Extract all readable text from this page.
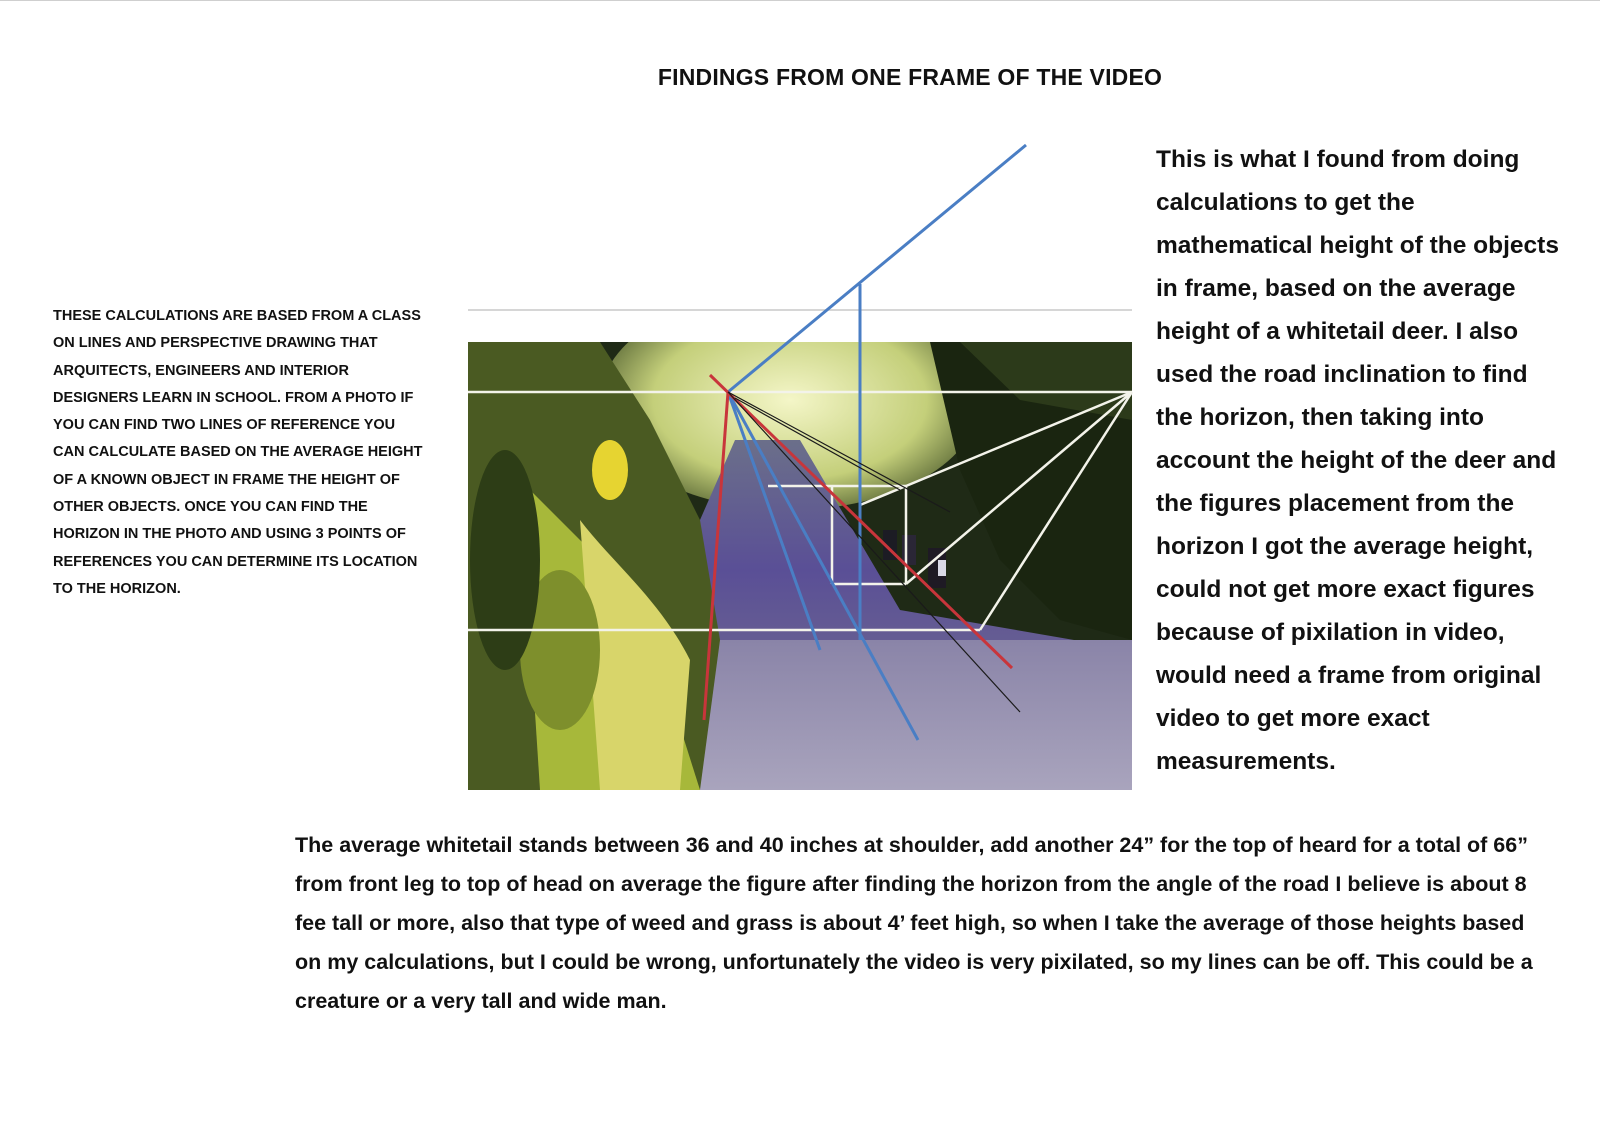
FINDINGS FROM ONE FRAME OF THE VIDEO

THESE CALCULATIONS ARE BASED FROM A CLASS ON LINES AND PERSPECTIVE DRAWING THAT ARQUITECTS, ENGINEERS AND INTERIOR DESIGNERS LEARN IN SCHOOL. FROM A PHOTO IF YOU CAN FIND TWO LINES OF REFERENCE YOU CAN CALCULATE BASED ON THE AVERAGE HEIGHT OF A KNOWN OBJECT IN FRAME THE HEIGHT OF OTHER OBJECTS. ONCE YOU CAN FIND THE HORIZON IN THE PHOTO AND USING 3 POINTS OF REFERENCES YOU CAN DETERMINE ITS LOCATION TO THE HORIZON.

This is what I found from doing calculations to get the mathematical height of the objects in frame, based on the average height of a whitetail deer. I also used the road inclination to find the horizon, then taking into account the height of the deer and the figures placement from the horizon I got the average height, could not get more exact figures because of pixilation in video, would need a frame from original video to get more exact measurements.

The average whitetail stands between 36 and 40 inches at shoulder, add another 24” for the top of heard for a total of 66” from front leg to top of head on average the figure after finding the horizon from the angle of the road I believe is about 8 fee tall or more, also that type of weed and grass is about 4’ feet high, so when I take the average of those heights based on my calculations, but I could be wrong, unfortunately the video is very pixilated, so my lines can be off. This could be a creature or a very tall and wide man.
